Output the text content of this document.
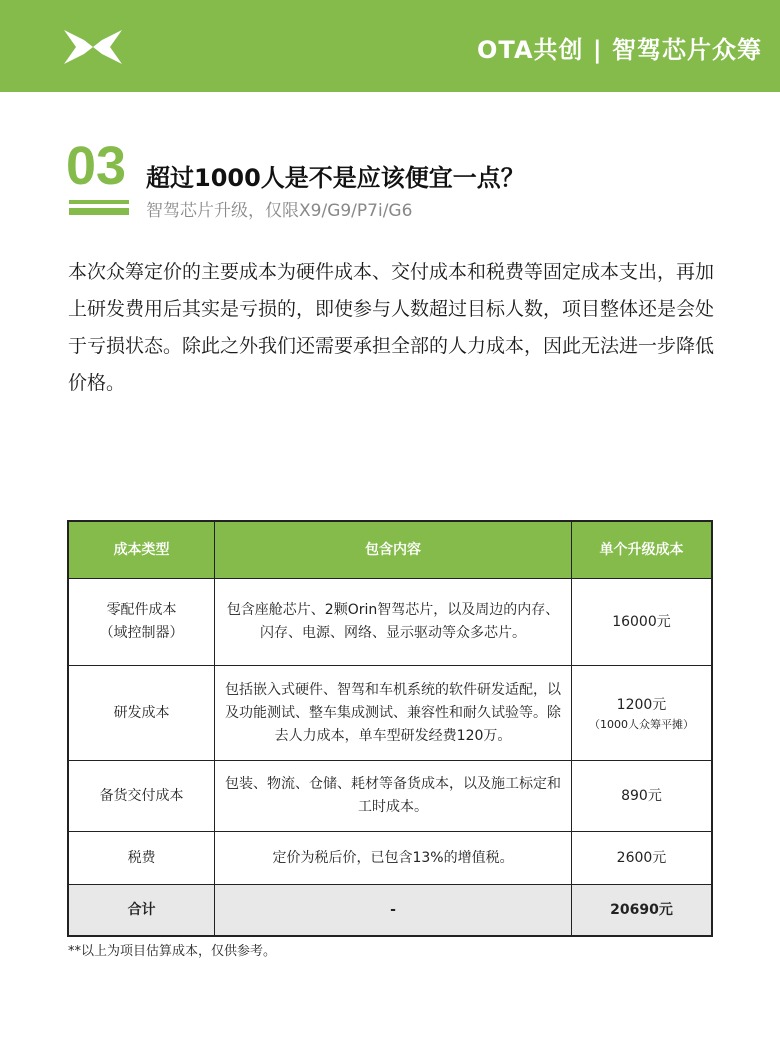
OTA共创 | 智驾芯片众筹
03 超过1000人是不是应该便宜一点？
智驾芯片升级，仅限X9/G9/P7i/G6
本次众筹定价的主要成本为硬件成本、交付成本和税费等固定成本支出，再加上研发费用后其实是亏损的，即使参与人数超过目标人数，项目整体还是会处于亏损状态。除此之外我们还需要承担全部的人力成本，因此无法进一步降低价格。
成本类型	包含内容	单个升级成本
零配件成本
（域控制器）	包含座舱芯片、2颗Orin智驾芯片，以及周边的内存、闪存、电源、网络、显示驱动等众多芯片。	16000元
研发成本	包括嵌入式硬件、智驾和车机系统的软件研发适配，以及功能测试、整车集成测试、兼容性和耐久试验等。除去人力成本，单车型研发经费120万。	1200元
（1000人众筹平摊）

备货交付成本	包装、物流、仓储、耗材等备货成本，以及施工标定和工时成本。	890元
税费	定价为税后价，已包含13%的增值税。	2600元
合计	-	20690元
**以上为项目估算成本，仅供参考。
